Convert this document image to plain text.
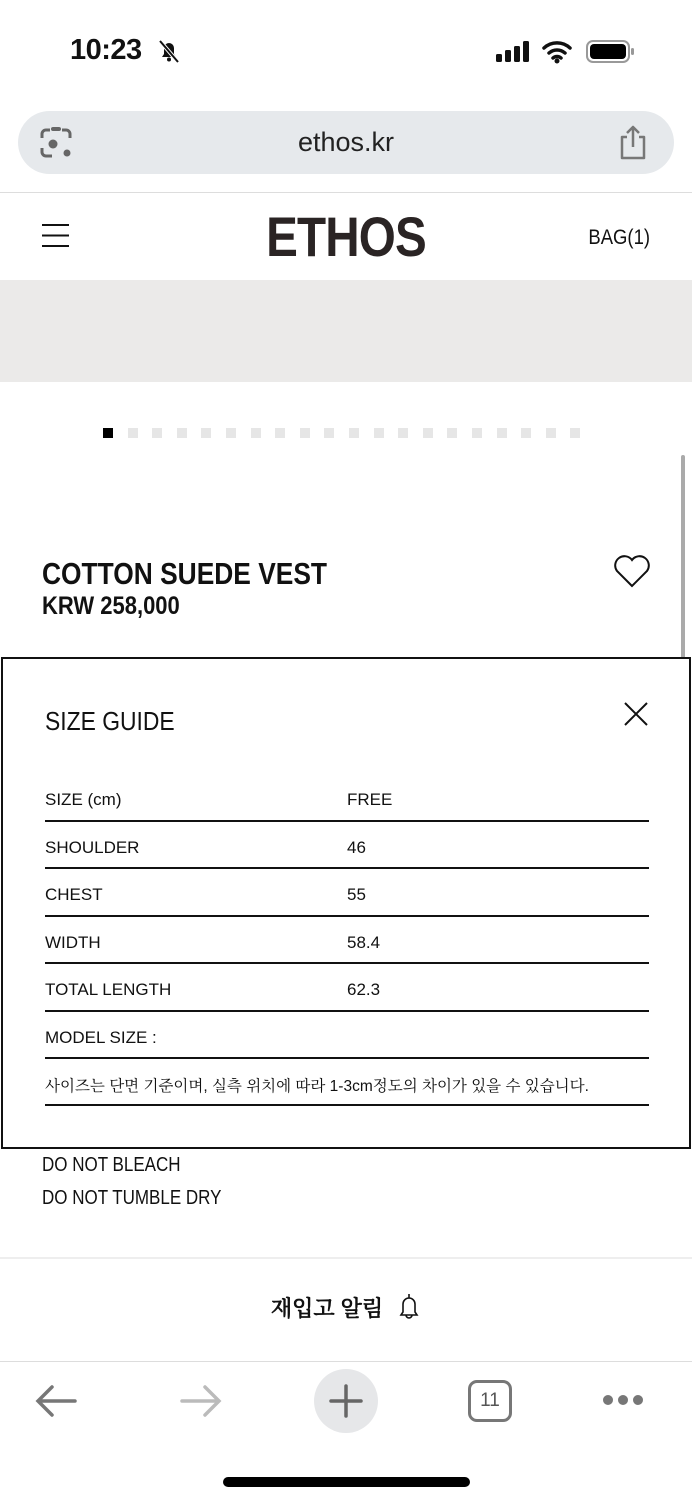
10:23
ethos.kr
ETHOS	BAG(1)
COTTON SUEDE VEST
KRW 258,000
DO NOT BLEACH
DO NOT TUMBLE DRY
SIZE GUIDE
SIZE (cm)	FREE
SHOULDER	46
CHEST	55
WIDTH	58.4
TOTAL LENGTH	62.3
MODEL SIZE :
사이즈는 단면 기준이며, 실측 위치에 따라 1-3cm정도의 차이가 있을 수 있습니다.
재입고 알림
11
